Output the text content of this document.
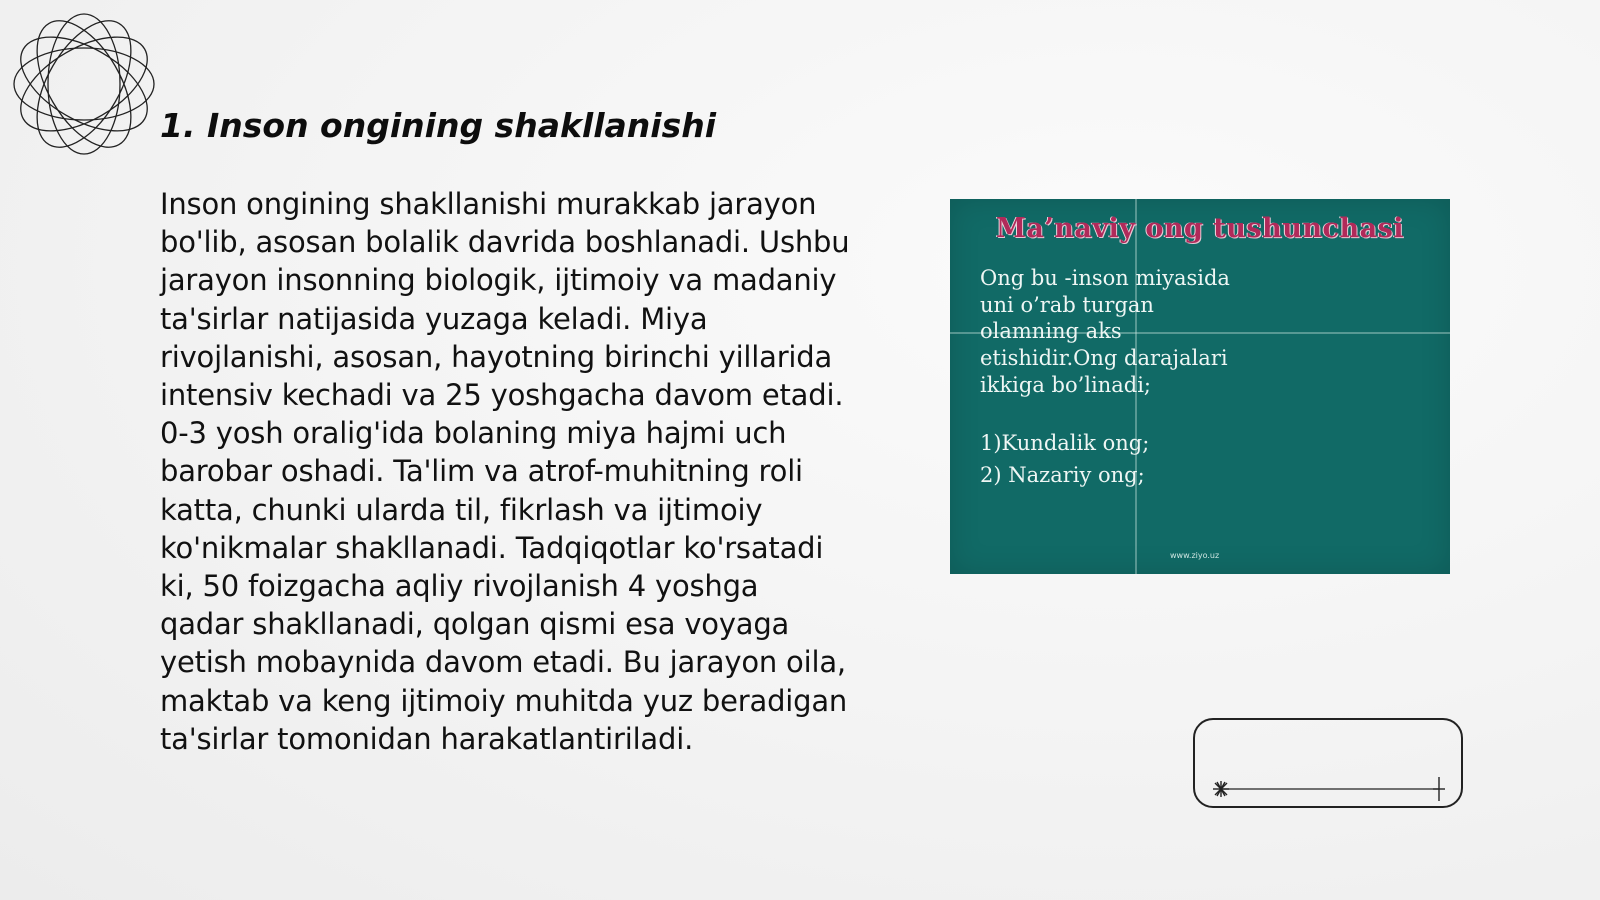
1. Inson ongining shakllanishi

Inson ongining shakllanishi murakkab jarayon bo'lib, asosan bolalik davrida boshlanadi. Ushbu jarayon insonning biologik, ijtimoiy va madaniy ta'sirlar natijasida yuzaga keladi. Miya rivojlanishi, asosan, hayotning birinchi yillarida intensiv kechadi va 25 yoshgacha davom etadi. 0-3 yosh oralig'ida bolaning miya hajmi uch barobar oshadi. Ta'lim va atrof-muhitning roli katta, chunki ularda til, fikrlash va ijtimoiy ko'nikmalar shakllanadi. Tadqiqotlar ko'rsatadi ki, 50 foizgacha aqliy rivojlanish 4 yoshga qadar shakllanadi, qolgan qismi esa voyaga yetish mobaynida davom etadi. Bu jarayon oila, maktab va keng ijtimoiy muhitda yuz beradigan ta'sirlar tomonidan harakatlantiriladi.

Ma’naviy ong tushunchasi
Ong bu -inson miyasida uni o’rab turgan olamning aks etishidir.Ong darajalari ikkiga bo’linadi;
1)Kundalik ong;
2) Nazariy ong;
www.ziyo.uz
